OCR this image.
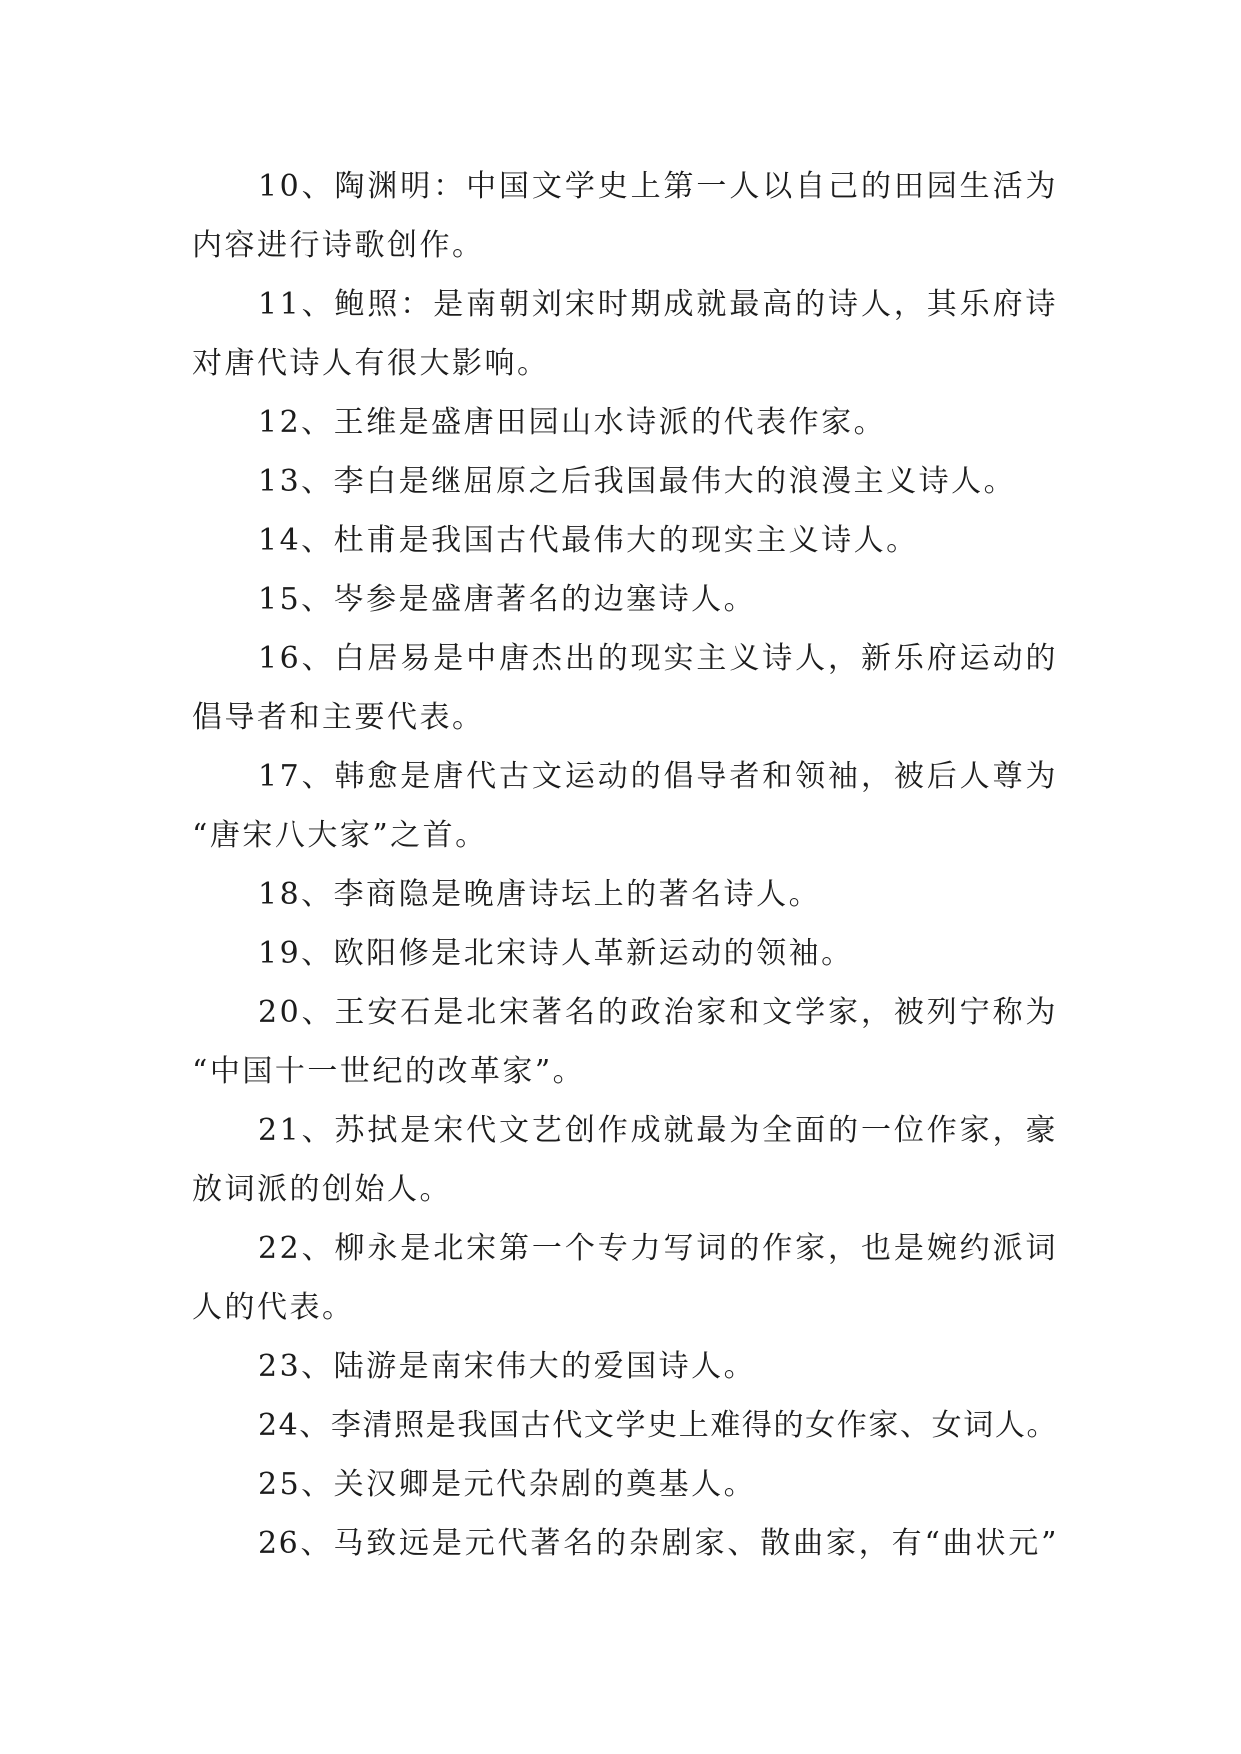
10、陶渊明：中国文学史上第一人以自己的田园生活为
内容进行诗歌创作。
11、鲍照：是南朝刘宋时期成就最高的诗人，其乐府诗
对唐代诗人有很大影响。
12、王维是盛唐田园山水诗派的代表作家。
13、李白是继屈原之后我国最伟大的浪漫主义诗人。
14、杜甫是我国古代最伟大的现实主义诗人。
15、岑参是盛唐著名的边塞诗人。
16、白居易是中唐杰出的现实主义诗人，新乐府运动的
倡导者和主要代表。
17、韩愈是唐代古文运动的倡导者和领袖，被后人尊为
“唐宋八大家”之首。
18、李商隐是晚唐诗坛上的著名诗人。
19、欧阳修是北宋诗人革新运动的领袖。
20、王安石是北宋著名的政治家和文学家，被列宁称为
“中国十一世纪的改革家”。
21、苏拭是宋代文艺创作成就最为全面的一位作家，豪
放词派的创始人。
22、柳永是北宋第一个专力写词的作家，也是婉约派词
人的代表。
23、陆游是南宋伟大的爱国诗人。
24、李清照是我国古代文学史上难得的女作家、女词人。
25、关汉卿是元代杂剧的奠基人。
26、马致远是元代著名的杂剧家、散曲家，有“曲状元”
